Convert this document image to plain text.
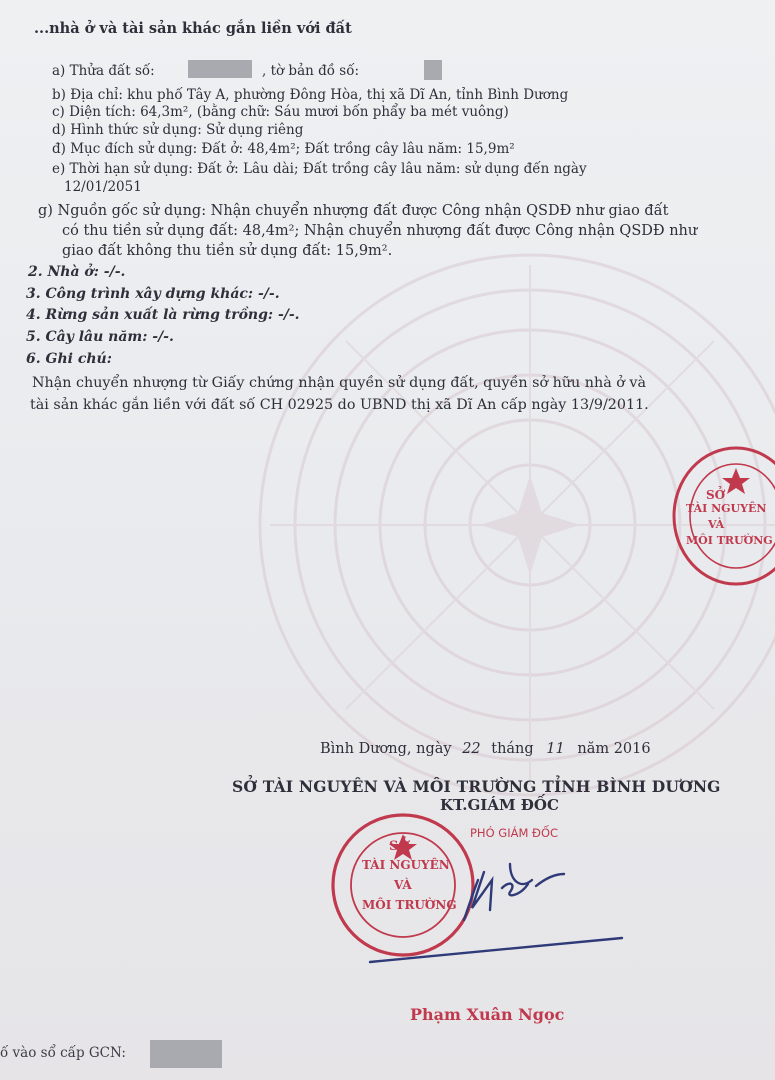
...nhà ở và tài sản khác gắn liền với đất
a) Thửa đất số:	, tờ bản đồ số:
b) Địa chỉ: khu phố Tây A, phường Đông Hòa, thị xã Dĩ An, tỉnh Bình Dương
c) Diện tích: 64,3m², (bằng chữ: Sáu mươi bốn phẩy ba mét vuông)
d) Hình thức sử dụng: Sử dụng riêng
đ) Mục đích sử dụng: Đất ở: 48,4m²; Đất trồng cây lâu năm: 15,9m²
e) Thời hạn sử dụng: Đất ở: Lâu dài; Đất trồng cây lâu năm: sử dụng đến ngày
12/01/2051
g) Nguồn gốc sử dụng: Nhận chuyển nhượng đất được Công nhận QSDĐ như giao đất
có thu tiền sử dụng đất: 48,4m²; Nhận chuyển nhượng đất được Công nhận QSDĐ như
giao đất không thu tiền sử dụng đất: 15,9m².
2. Nhà ở: -/-.
3. Công trình xây dựng khác: -/-.
4. Rừng sản xuất là rừng trồng: -/-.
5. Cây lâu năm: -/-.
6. Ghi chú:
Nhận chuyển nhượng từ Giấy chứng nhận quyền sử dụng đất, quyền sở hữu nhà ở và
tài sản khác gắn liền với đất số CH 02925 do UBND thị xã Dĩ An cấp ngày 13/9/2011.
SỞ
TÀI NGUYÊN
VÀ
MÔI TRƯỜNG
Bình Dương, ngày 22 tháng 11 năm 2016
SỞ TÀI NGUYÊN VÀ MÔI TRƯỜNG TỈNH BÌNH DƯƠNG
KT.GIÁM ĐỐC
PHÓ GIÁM ĐỐC
SỞ
TÀI NGUYÊN
VÀ
MÔI TRƯỜNG
Phạm Xuân Ngọc
ố vào sổ cấp GCN:
